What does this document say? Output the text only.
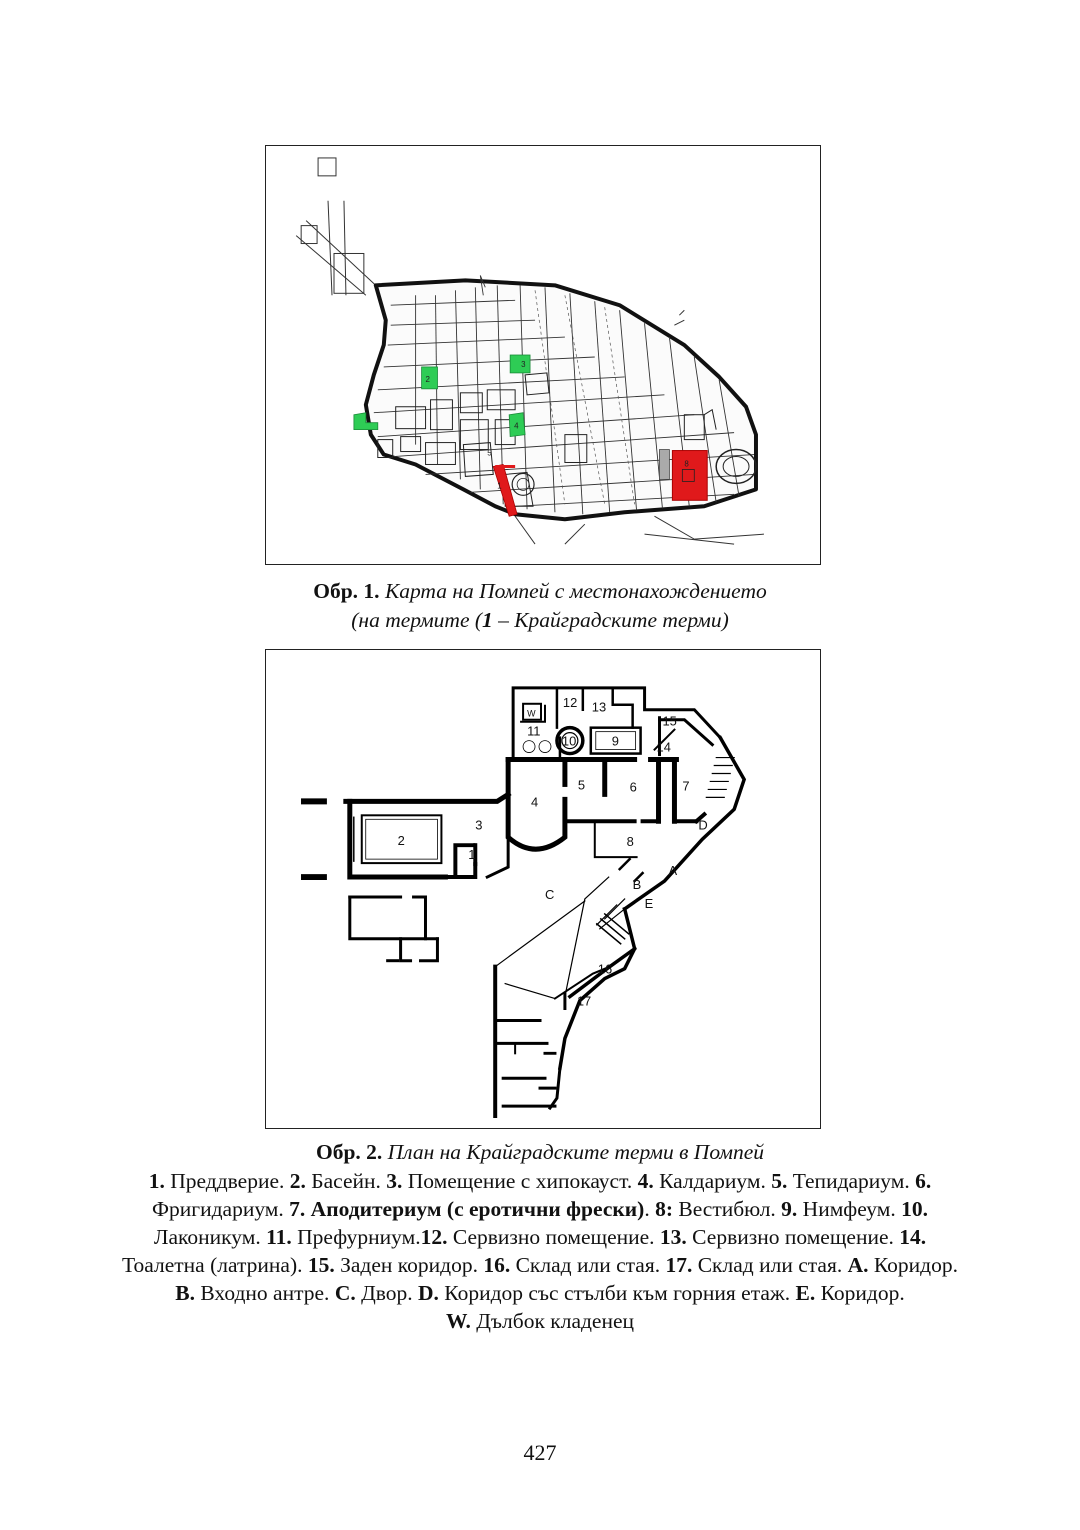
1
2
3
4
5
8
Обр. 1. Карта на Помпей с местонахождението
(на термите (1 – Крайградските терми)
1
2
3
4
5	6	7
8
9
10
11
12 13
14
15
16
17
A
B
C
D
E
W
Обр. 2. План на Крайградските терми в Помпей
1. Преддверие. 2. Басейн. 3. Помещение с хипокауст. 4. Калдариум. 5. Тепидариум. 6. Фригидариум. 7. Аподитериум (с еротични фрески). 8: Вестибюл. 9. Нимфеум. 10. Лаконикум. 11. Префурниум.12. Сервизно помещение. 13. Сервизно помещение. 14. Тоалетна (латрина). 15. Заден коридор. 16. Склад или стая. 17. Склад или стая. A. Коридор. B. Входно антре. C. Двор. D. Коридор със стълби към горния етаж. E. Коридор.
W. Дълбок кладенец
427
